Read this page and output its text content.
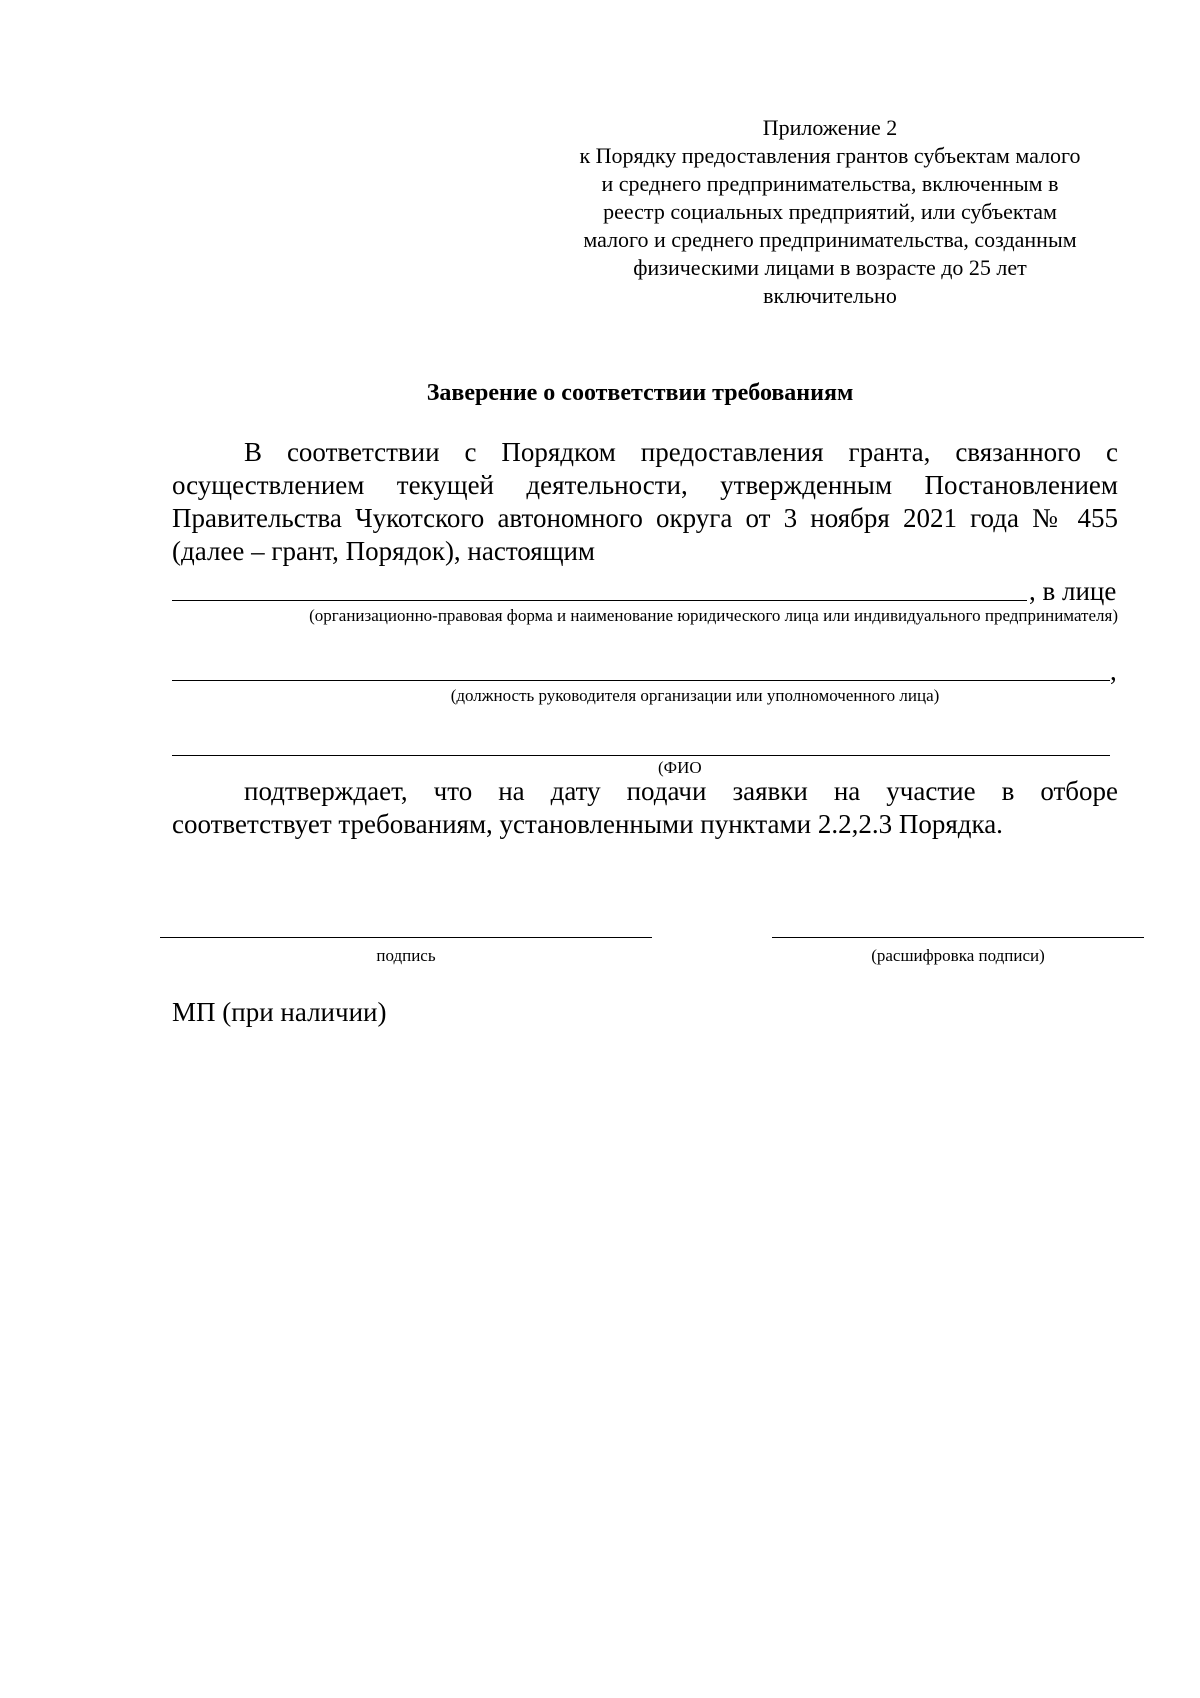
Приложение 2
к Порядку предоставления грантов субъектам малого
и среднего предпринимательства, включенным в
реестр социальных предприятий, или субъектам
малого и среднего предпринимательства, созданным
физическими лицами в возрасте до 25 лет
включительно
Заверение о соответствии требованиям
В соответствии с Порядком предоставления гранта, связанного с
осуществлением текущей деятельности, утвержденным Постановлением
Правительства Чукотского автономного округа от 3 ноября 2021 года № 455
(далее – грант, Порядок), настоящим
, в лице
(организационно-правовая форма и наименование юридического лица или индивидуального предпринимателя)
,
(должность руководителя организации или уполномоченного лица)
(ФИО
подтверждает, что на дату подачи заявки на участие в отборе
соответствует требованиям, установленными пунктами 2.2,2.3 Порядка.
подпись	(расшифровка подписи)
МП (при наличии)
